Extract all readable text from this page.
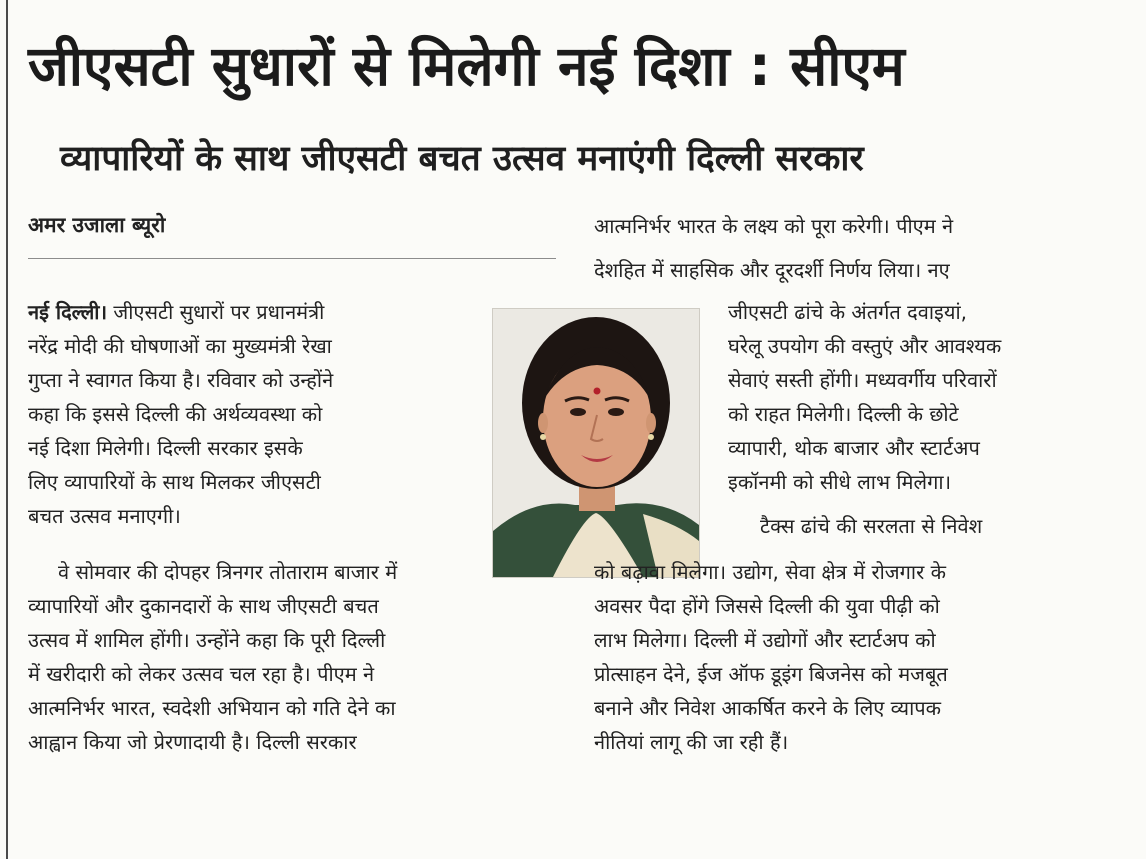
जीएसटी सुधारों से मिलेगी नई दिशा : सीएम
व्यापारियों के साथ जीएसटी बचत उत्सव मनाएंगी दिल्ली सरकार
अमर उजाला ब्यूरो
नई दिल्ली। जीएसटी सुधारों पर प्रधानमंत्री
नरेंद्र मोदी की घोषणाओं का मुख्यमंत्री रेखा
गुप्ता ने स्वागत किया है। रविवार को उन्होंने
कहा कि इससे दिल्ली की अर्थव्यवस्था को
नई दिशा मिलेगी। दिल्ली सरकार इसके
लिए व्यापारियों के साथ मिलकर जीएसटी
बचत उत्सव मनाएगी।
वे सोमवार की दोपहर त्रिनगर तोताराम बाजार में
व्यापारियों और दुकानदारों के साथ जीएसटी बचत
उत्सव में शामिल होंगी। उन्होंने कहा कि पूरी दिल्ली
में खरीदारी को लेकर उत्सव चल रहा है। पीएम ने
आत्मनिर्भर भारत, स्वदेशी अभियान को गति देने का
आह्वान किया जो प्रेरणादायी है। दिल्ली सरकार
आत्मनिर्भर भारत के लक्ष्य को पूरा करेगी। पीएम ने
देशहित में साहसिक और दूरदर्शी निर्णय लिया। नए
जीएसटी ढांचे के अंतर्गत दवाइयां,
घरेलू उपयोग की वस्तुएं और आवश्यक
सेवाएं सस्ती होंगी। मध्यवर्गीय परिवारों
को राहत मिलेगी। दिल्ली के छोटे
व्यापारी, थोक बाजार और स्टार्टअप
इकॉनमी को सीधे लाभ मिलेगा।
टैक्स ढांचे की सरलता से निवेश
को बढ़ावा मिलेगा। उद्योग, सेवा क्षेत्र में रोजगार के
अवसर पैदा होंगे जिससे दिल्ली की युवा पीढ़ी को
लाभ मिलेगा। दिल्ली में उद्योगों और स्टार्टअप को
प्रोत्साहन देने, ईज ऑफ डूइंग बिजनेस को मजबूत
बनाने और निवेश आकर्षित करने के लिए व्यापक
नीतियां लागू की जा रही हैं।
